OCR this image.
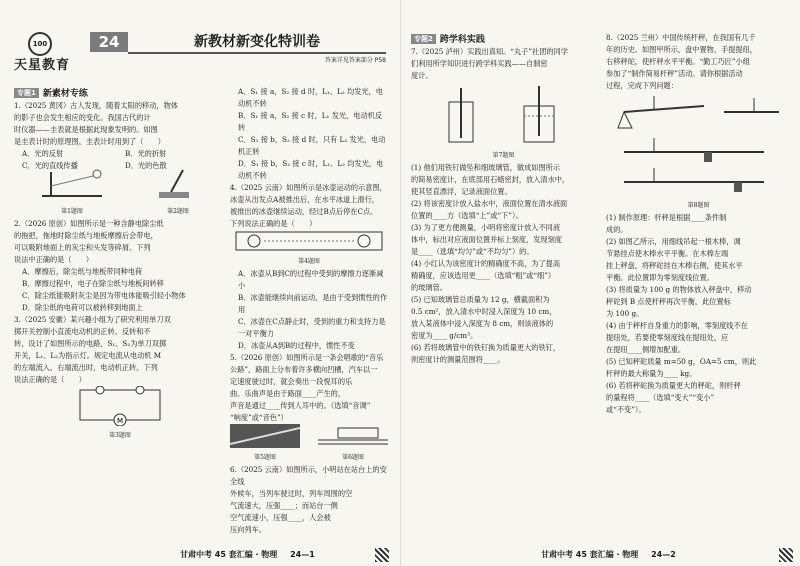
100
天星教育
24	新教材新变化特训卷
答案详见答案部分 P58
专题1 新素材专练

1.（2025 黄冈）古人发现，随着太阳的移动，物体

的影子也会发生相应的变化。我国古代的计

时仪器——圭表就是根据此现象发明的。如图

是圭表计时的原理图，圭表计时用到了（　　）

A．光的反射	B．光的折射

C．光的直线传播	D．光的色散

第1题图	第2题图

2.（2026 原创）如图所示是一种含静电除尘纸

的拖把，拖地时除尘纸与地板摩擦后会带电，

可以吸附地面上的灰尘和头发等碎屑。下列

说法中正确的是（　　）

A．摩擦后，除尘纸与地板带同种电荷

B．摩擦过程中，电子在除尘纸与地板间转移

C．除尘纸能吸附灰尘是因为带电体能吸引轻小物体

D．除尘纸的电荷可以被转移到地面上

3.（2025 安徽）某兴趣小组为了研究利用单刀双

掷开关控制小直流电动机的正转、反转和不

转，设计了如图所示的电路，S₁、S₂为单刀双掷

开关，L₁、L₂为指示灯。规定电流从电动机 M

的左端流入、右端流出时，电动机正转。下列

说法正确的是（　　）

M
第3题图

A．S₁ 接 a，S₂ 接 d 时，L₁、L₂ 均发光，电动机不转

B．S₁ 接 a，S₂ 接 c 时，L₁ 发光，电动机反转

C．S₁ 接 b，S₂ 接 d 时，只有 L₂ 发光，电动机正转

D．S₁ 接 b，S₂ 接 c 时，L₁、L₂ 均发光，电动机不转

4.（2025 云南）如图所示是冰壶运动的示意图，

冰壶从出发点A被推出后，在水平冰道上滑行，

被推出的冰壶继续运动，经过B点后停在C点。

下列说法正确的是（　　）

第4题图

A．冰壶从B到C的过程中受到的摩擦力逐渐减小

B．冰壶能继续向前运动，是由于受到惯性的作用

C．冰壶在C点静止时，受到的重力和支持力是一对平衡力

D．冰壶从A到B的过程中，惯性不变

5.（2026 原创）如图所示是一条会唱歌的“音乐

公路”，路面上分布着许多横向凹槽，汽车以一

定速度驶过时，就会奏出一段悦耳的乐

曲。乐曲声是由于路面____产生的，

声音是通过____传到人耳中的。（选填“音调”

“响度”或“音色”）

第5题图	第6题图

6.（2025 云南）如图所示，小明站在站台上的安全线

外候车，当列车驶过时，列车周围的空

气流速大，压强____；而站台一侧

空气流速小，压强____，人会被

压向列车。

甘肃中考 45 套汇编 · 物理 24—1
专题2 跨学科实践

7.（2025 泸州）实践出真知。“丸子”社团的同学

们利用所学知识进行跨学科实践——自制密

度计。

第7题图

(1) 他们用铁钉做坠和细玻璃管，做成如图所示

的简易密度计，在底部用石蜡密封，放入清水中，

使其竖直漂浮，记录液面位置。

(2) 将该密度计放入盐水中，液面位置在清水液面

位置的____方（选填“上”或“下”）。

(3) 为了更方便测量，小明将密度计放入不同液

体中，标出对应液面位置并标上刻度，发现刻度

是____（选填“均匀”或“不均匀”）的。

(4) 小红认为该密度计的精确度不高，为了提高

精确度，应该选用更____（选填“粗”或“细”）

的玻璃管。

(5) 已知玻璃管总质量为 12 g，横截面积为

0.5 cm²，放入清水中时浸入深度为 10 cm，

放入某液体中浸入深度为 8 cm，则该液体的

密度为____ g/cm³。

(6) 若将玻璃管中的铁钉换为质量更大的铁钉，

则密度计的测量范围将____。

8.（2025 兰州）中国传统杆秤，在我国有几千

年的历史。如图甲所示，盘中置物，手提提纽，

右移秤砣，使杆秤水平平衡。“勤工巧匠”小组

参加了“制作简易杆秤”活动。请你根据活动

过程，完成下列问题：

第8题图

(1) 制作原理：杆秤是根据____条件制

成的。

(2) 如图乙所示，用细线吊起一根木棒，调

节悬挂点使木棒水平平衡。在木棒左端

挂上秤盘，将秤砣挂在木棒右侧，使其水平

平衡。此位置即为零刻度线位置。

(3) 将质量为 100 g 的物体放入秤盘中，移动

秤砣到 B 点使杆秤再次平衡，此位置标

为 100 g。

(4) 由于秤杆自身重力的影响，零刻度线不在

提纽处，若要使零刻度线在提纽处，应

在提纽____侧增加配重。

(5) 已知秤砣质量 m=50 g，OA=5 cm，则此

杆秤的最大称量为____ kg。

(6) 若将秤砣换为质量更大的秤砣，则杆秤

的量程将____（选填“变大”“变小”

或“不变”）。

甘肃中考 45 套汇编 · 物理 24—2
